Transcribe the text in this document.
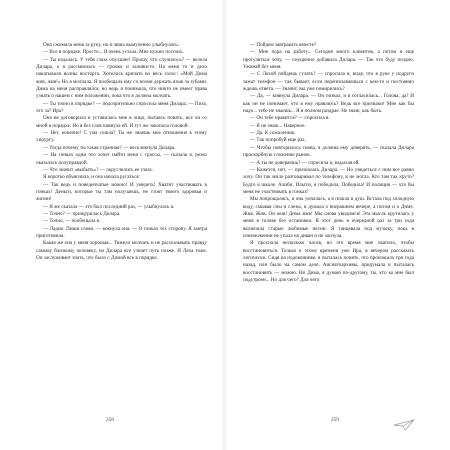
Она сжимала меня за руку, но я лишь вымученно улыбнулась:

— Все в порядке. Просто... Я очень устала. Мне нужно поспать.

— Ты издалась. У тебя глаза опухшие! Прошу, что случилось? — велела Дилара, а я рассмеялась — громко и заливисто. На меня то и дело накатывали волны восторга. Хотелось кричать во весь голос: «Мой Дима жив, жив!» Но я молчала. Я пообещала ему со всеми держать язык за зубами. Дима на меня расправлялся, но ведь я понимала, что никто не имеет права узнать о нашем с ним положении, пока что я должна молчать.

— Ты точно в порядке? — подозрительно спросила меня Дилара. — Пиза, что за? Ира?

Она не договорила и уставилась мне в лицо, пытаясь понять, все ли со мной в порядке. Но я без слов кивнула ей. И тут же закопала головой.

— Нет, конечно! С ума сошла? Ты же знаешь мое отношение к этому хирургу.

— Тогда почему ты такая странная? — воскликнула Дилара.

— На гонках одни что хочет найти меня с трассы, — сказала я, резко оказалась полуправдой.

— Что значит «выбыть»? — округлились ее глаза.

Я коротко объяснила, и она начала ругаться:

— Так ведь и поведенчатые можно! И умереть! Хватит участвовать в гонках! Деньги, которые ты там получаешь, не стоят твоего здоровья и жизни!

— Я же сказала — это был последний раз, — улыбнулась я.

— Точно? — прищурилась Дилара.

— Точно, — пообещала я.

— Ладно. Пиши слово, — кокнула она. — О гонках тех сторону. Я завтра приготовила.

Какая же она у меня хорошая... Тяжело молчать и не рассказывать правду самому близкому человеку, но Дилара все узнает чуть позже. И Леха тоже. Он заслуживает знать, что было с Димой все в порядке.

— Пойдем завтракать вместе?

— Мне пора на работу... Сегодня много клиентов, а потом я еще прогуляться хочу, — смущенно добавила Дилара. — Так что буду поздно. Ужинай без меня.

— С Лехой пойдешь гулять? — спросила я, видя, что в руке у подруги зажат телефон — так бывает, если переписываешься с кем-то и постоянно ждешь ответа. — Значит, вы уже помирились?

— Да, — кивнула Дилара. — Он позвал, и я согласилась... Голова, да? И как он не понимает, что я ему нравлюсь? Ведь все признаки! Мне как бы надо... тебе не знаешь... Я в полном раздрае. Не знаю, как быть.

— Он тебе нравится? — спросила я.

— Я не знаю... Наверное.

— Да. К сожалению.

— Так попробуй еще раз.

— Чтобы повторилось снова, я должна ему доверять, — сказала Дилара прискорбную сложение рынок.

— А ты не доверяешь? — спросила я, вздыхая ей.

— Кажется, нет, — призналась Дилара. — Но увидеться с ним все равно хочу. Он так мило разговаривал по телефону, я не могла. Кто там так круто? Будто в школе. Алиби, Ильгиз, я победила, Победила! И полиция — что бы меня не участвовать в гонках!

Мы попрощались, и она умчалась, а я пошла в душ. Встала под холодную воду, смывая сны и слезы, и думала о вчерашнем вечере, а потом и о Диме. Жив. Жив. Он жив! Дима жив! Мы снова увидимся! Эта мысль крутилась у меня в голове без остановки. Я этот день в очередной раз за три года включила старые любимые песни. Я танцевала под музыку, пока в изнеможении не упала на диван и не заснула.

Я проспала несколько часов, но это время мне хватило, чтобы восстановиться. Только к этому времени уже Ира, я вечером рассказать логически. Сидя на подоконнике, я пыталась понять, что произошло три года назад, или было на самом деле. Аиснатоархивы, придумала и пыталась восстановить — можно. Но Дима, я думаю по-другому, ты, кто ко мне был подстроен... Но для чего? Для чего

258	259
